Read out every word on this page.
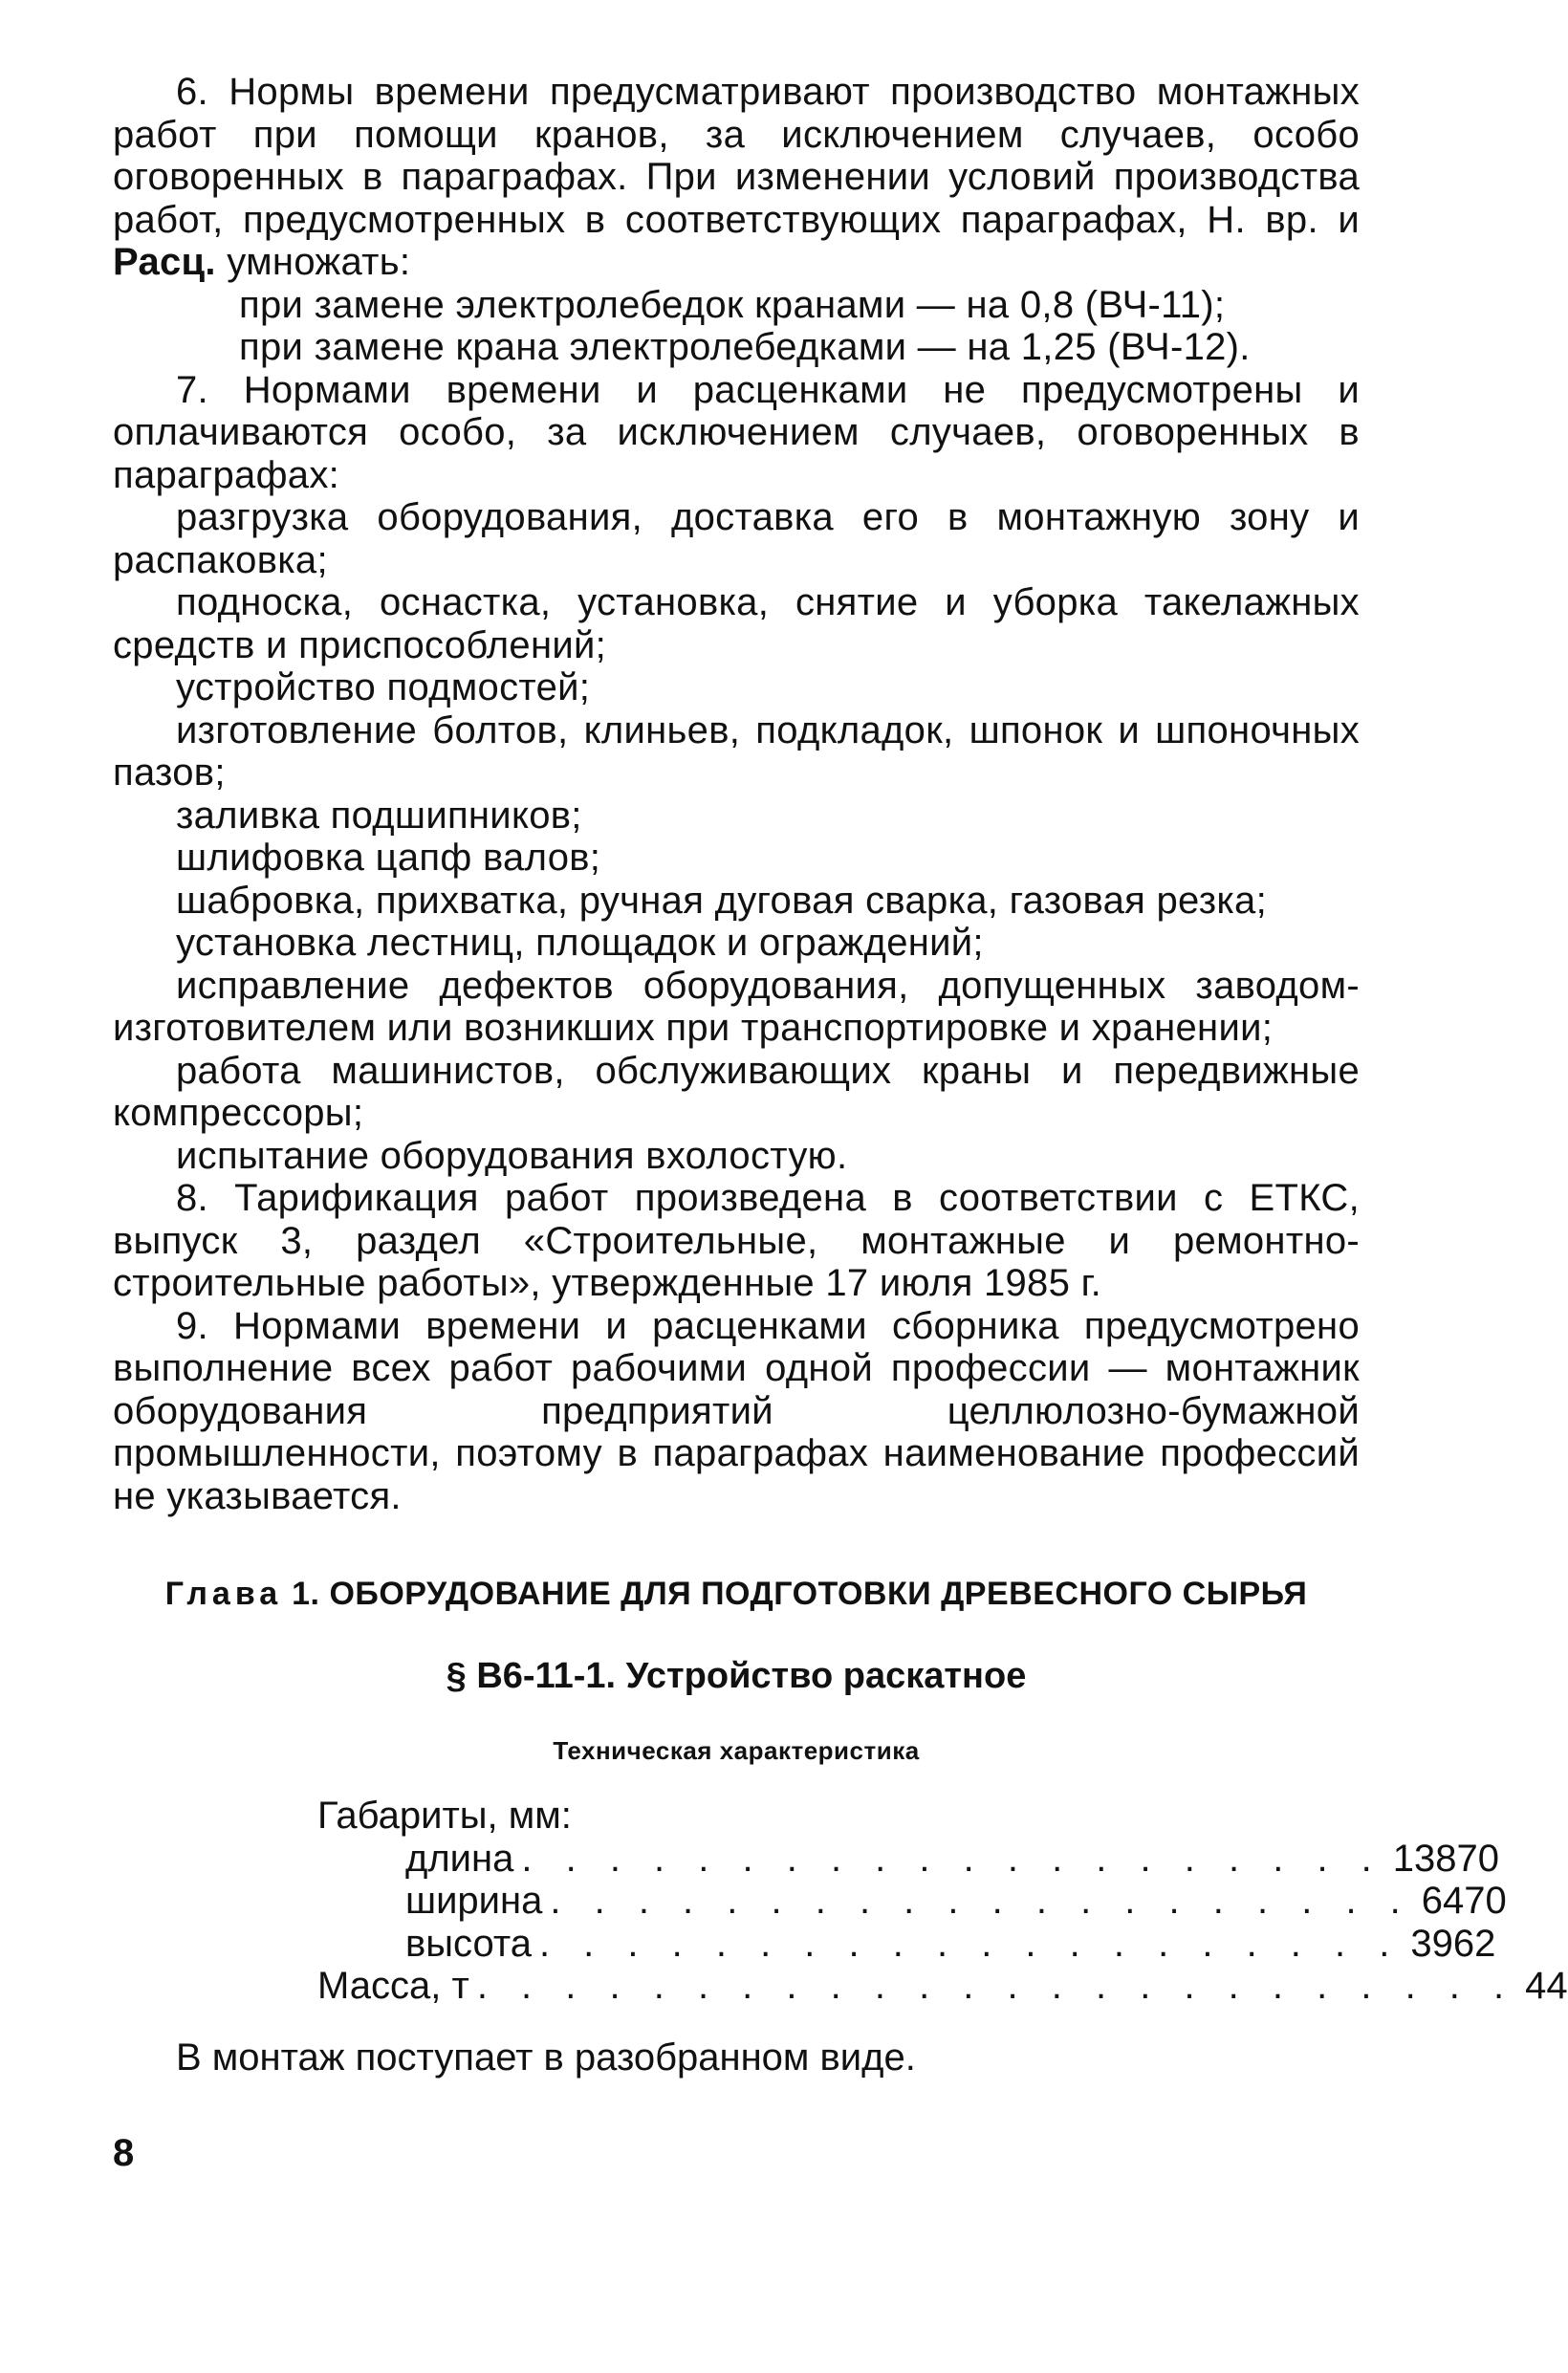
6. Нормы времени предусматривают производство монтажных работ при помощи кранов, за исключением случаев, особо оговоренных в параграфах. При изменении условий производства работ, предусмотренных в соответствующих параграфах, Н. вр. и Расц. умножать:

при замене электролебедок кранами — на 0,8 (ВЧ-11);

при замене крана электролебедками — на 1,25 (ВЧ-12).

7. Нормами времени и расценками не предусмотрены и оплачиваются особо, за исключением случаев, оговоренных в параграфах:

разгрузка оборудования, доставка его в монтажную зону и распаковка;

подноска, оснастка, установка, снятие и уборка такелажных средств и приспособлений;

устройство подмостей;

изготовление болтов, клиньев, подкладок, шпонок и шпоночных пазов;

заливка подшипников;

шлифовка цапф валов;

шабровка, прихватка, ручная дуговая сварка, газовая резка;

установка лестниц, площадок и ограждений;

исправление дефектов оборудования, допущенных заводом-изготовителем или возникших при транспортировке и хранении;

работа машинистов, обслуживающих краны и передвижные компрессоры;

испытание оборудования вхолостую.

8. Тарификация работ произведена в соответствии с ЕТКС, выпуск 3, раздел «Строительные, монтажные и ремонтно-строительные работы», утвержденные 17 июля 1985 г.

9. Нормами времени и расценками сборника предусмотрено выполнение всех работ рабочими одной профессии — монтажник оборудования предприятий целлюлозно-бумажной промышленности, поэтому в параграфах наименование профессий не указывается.

Глава 1. ОБОРУДОВАНИЕ ДЛЯ ПОДГОТОВКИ ДРЕВЕСНОГО СЫРЬЯ
§ В6-11-1. Устройство раскатное
Техническая характеристика
Габариты, мм:
длина . . . . . . . . . . . . . . . . . . . . 13870
ширина . . . . . . . . . . . . . . . . . . . . 6470
высота . . . . . . . . . . . . . . . . . . . . 3962
Масса, т . . . . . . . . . . . . . . . . . . . . . . . . 44
В монтаж поступает в разобранном виде.
8
